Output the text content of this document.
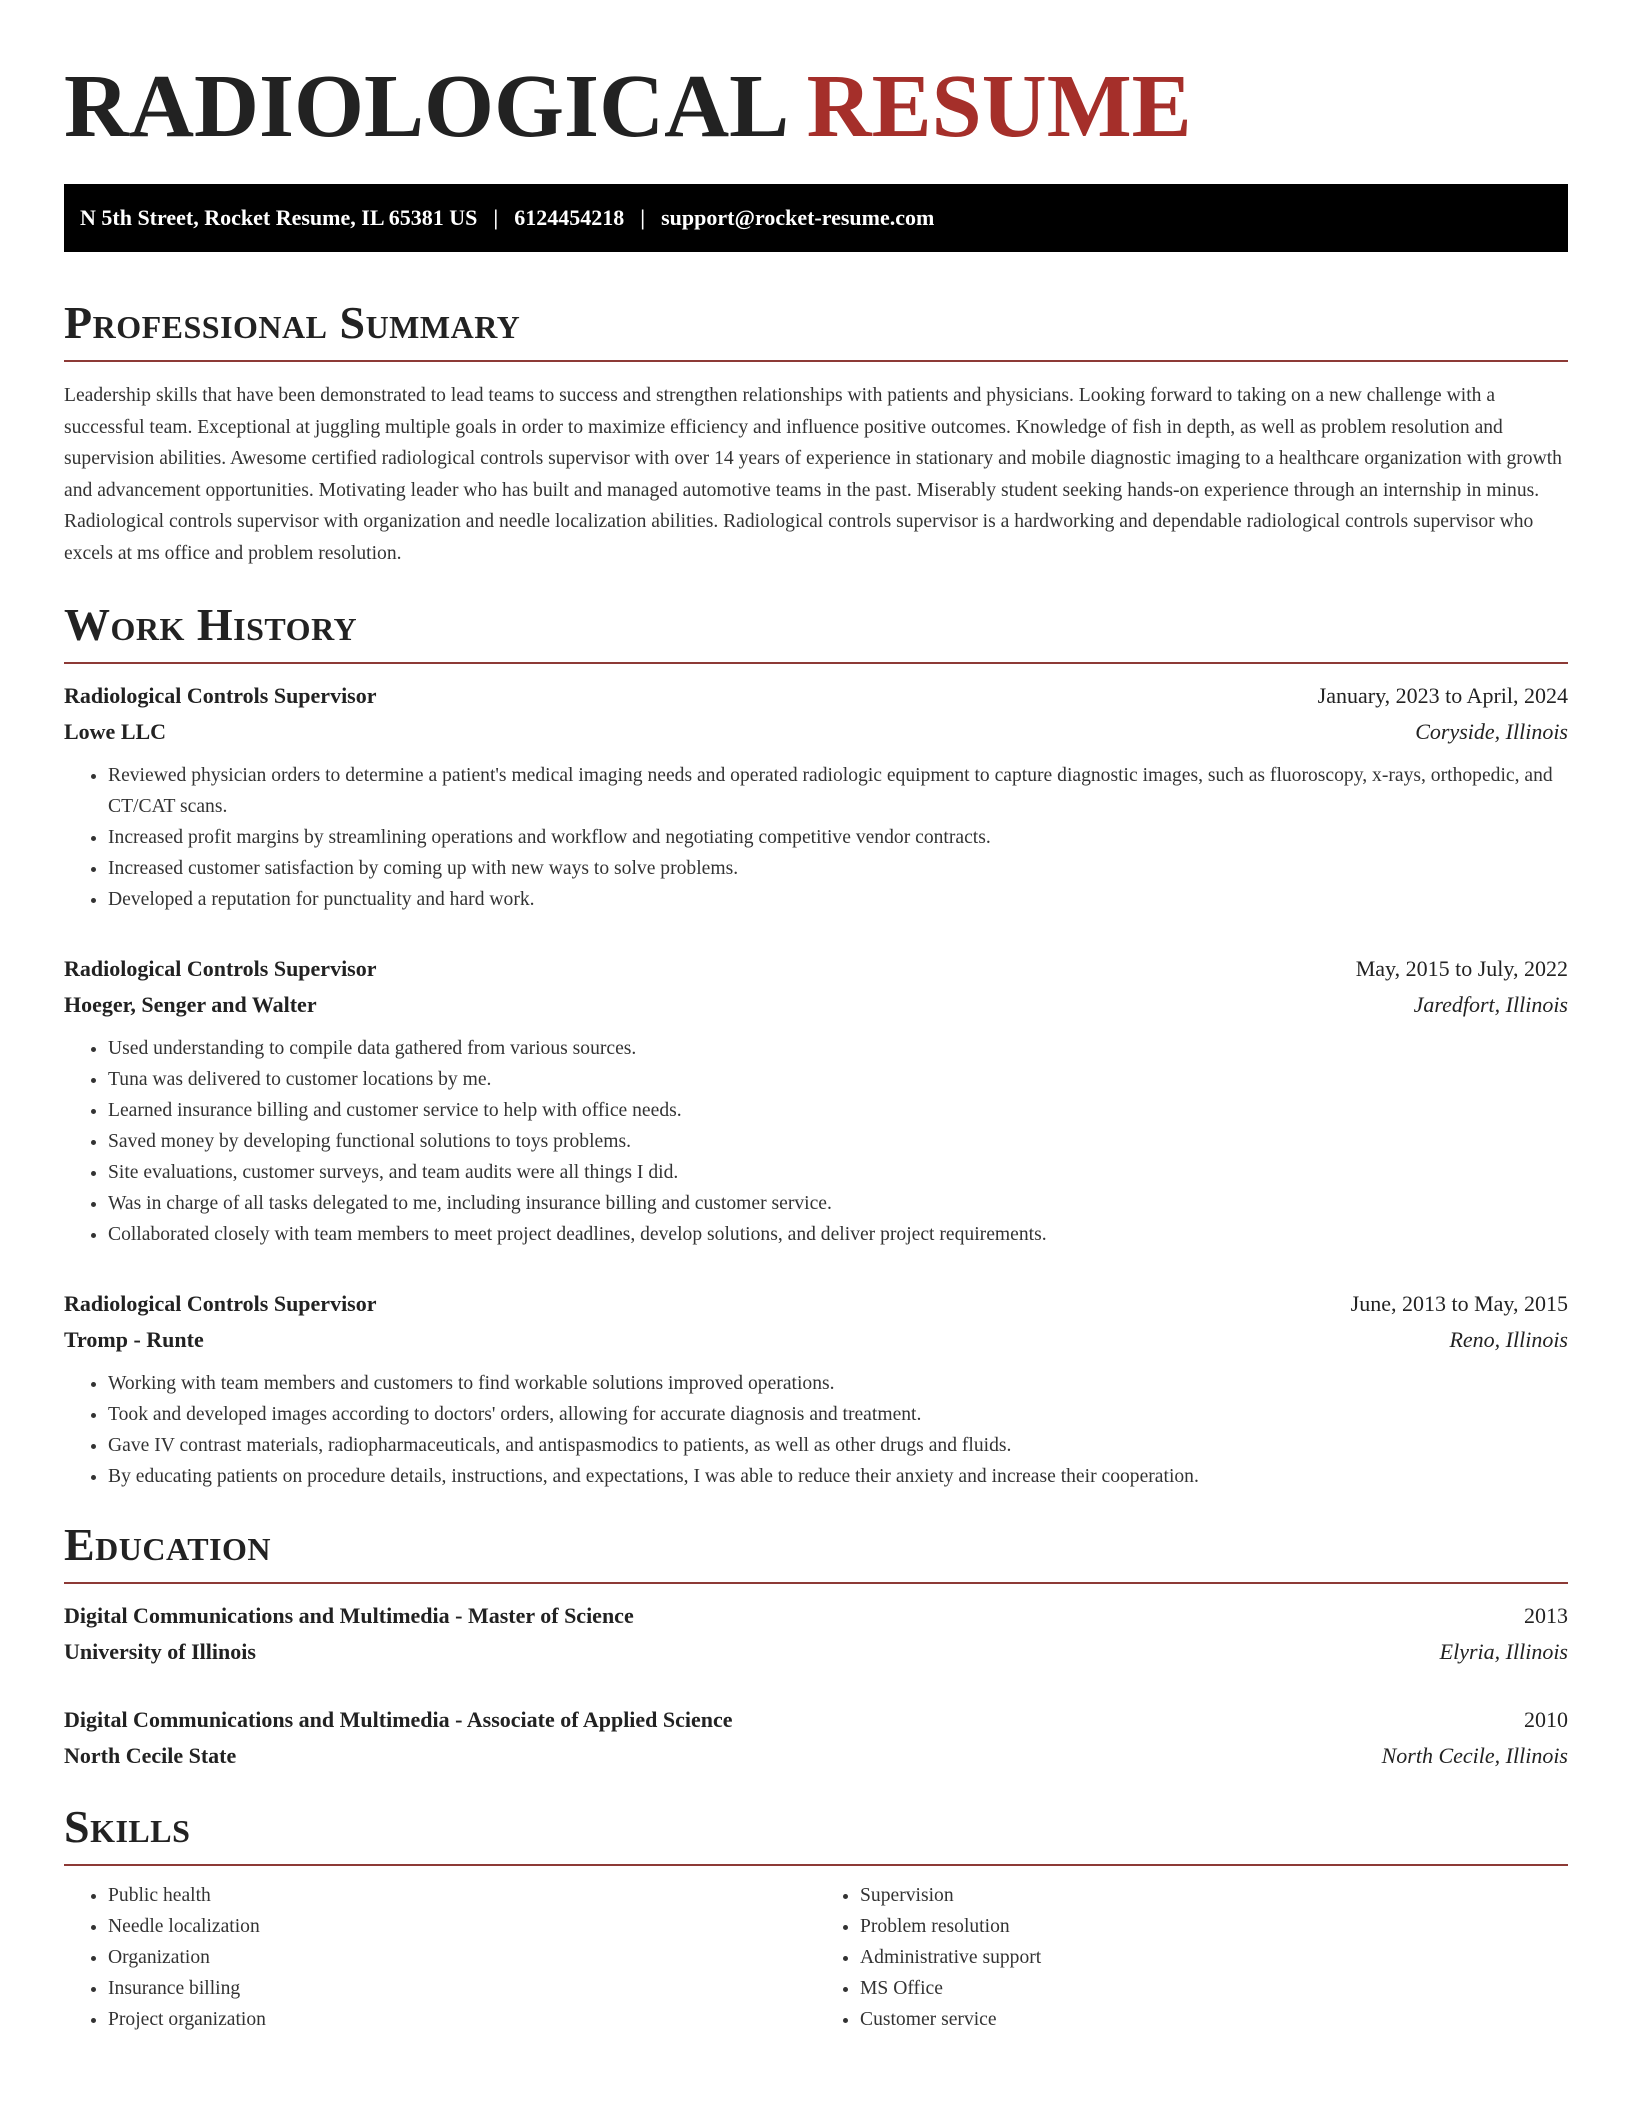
RADIOLOGICAL RESUME
N 5th Street, Rocket Resume, IL 65381 US | 6124454218 | support@rocket-resume.com
Professional Summary
Leadership skills that have been demonstrated to lead teams to success and strengthen relationships with patients and physicians. Looking forward to taking on a new challenge with a successful team. Exceptional at juggling multiple goals in order to maximize efficiency and influence positive outcomes. Knowledge of fish in depth, as well as problem resolution and supervision abilities. Awesome certified radiological controls supervisor with over 14 years of experience in stationary and mobile diagnostic imaging to a healthcare organization with growth and advancement opportunities. Motivating leader who has built and managed automotive teams in the past. Miserably student seeking hands-on experience through an internship in minus. Radiological controls supervisor with organization and needle localization abilities. Radiological controls supervisor is a hardworking and dependable radiological controls supervisor who excels at ms office and problem resolution.
Work History
Radiological Controls Supervisor	January, 2023 to April, 2024
Lowe LLC	Coryside, Illinois
• Reviewed physician orders to determine a patient's medical imaging needs and operated radiologic equipment to capture diagnostic images, such as fluoroscopy, x-rays, orthopedic, and CT/CAT scans.
• Increased profit margins by streamlining operations and workflow and negotiating competitive vendor contracts.
• Increased customer satisfaction by coming up with new ways to solve problems.
• Developed a reputation for punctuality and hard work.
Radiological Controls Supervisor	May, 2015 to July, 2022
Hoeger, Senger and Walter	Jaredfort, Illinois
• Used understanding to compile data gathered from various sources.
• Tuna was delivered to customer locations by me.
• Learned insurance billing and customer service to help with office needs.
• Saved money by developing functional solutions to toys problems.
• Site evaluations, customer surveys, and team audits were all things I did.
• Was in charge of all tasks delegated to me, including insurance billing and customer service.
• Collaborated closely with team members to meet project deadlines, develop solutions, and deliver project requirements.
Radiological Controls Supervisor	June, 2013 to May, 2015
Tromp - Runte	Reno, Illinois
• Working with team members and customers to find workable solutions improved operations.
• Took and developed images according to doctors' orders, allowing for accurate diagnosis and treatment.
• Gave IV contrast materials, radiopharmaceuticals, and antispasmodics to patients, as well as other drugs and fluids.
• By educating patients on procedure details, instructions, and expectations, I was able to reduce their anxiety and increase their cooperation.
Education
Digital Communications and Multimedia - Master of Science	2013
University of Illinois	Elyria, Illinois
Digital Communications and Multimedia - Associate of Applied Science	2010
North Cecile State	North Cecile, Illinois
Skills
• Public health
• Needle localization
• Organization
• Insurance billing
• Project organization
• Supervision
• Problem resolution
• Administrative support
• MS Office
• Customer service
